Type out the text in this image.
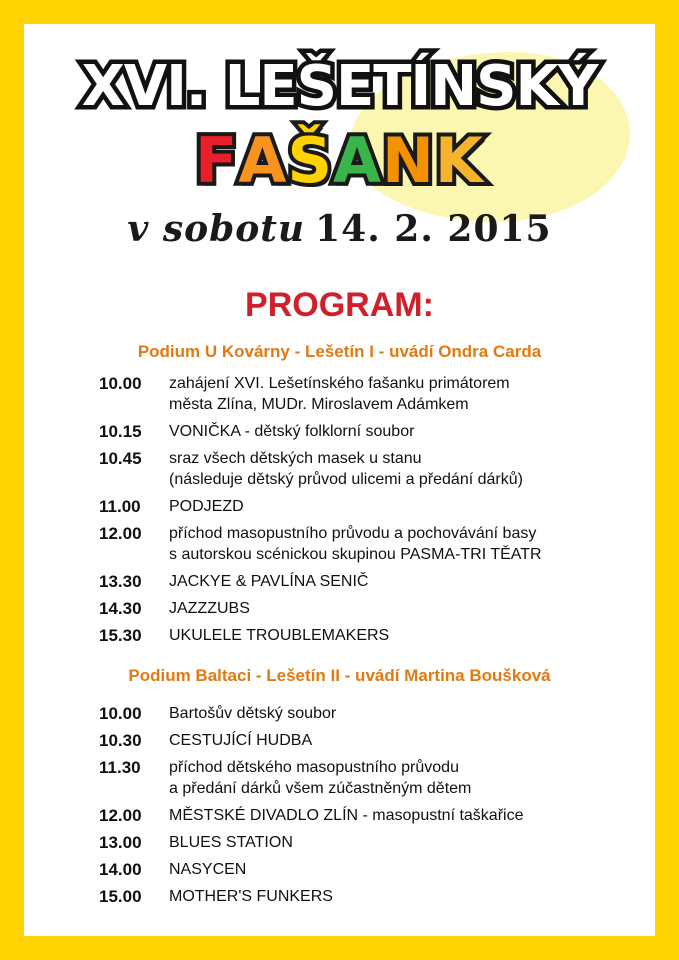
XVI. LEŠETÍNSKÝ
FAŠANK
v sobotu 14. 2. 2015
PROGRAM:
Podium U Kovárny - Lešetín I - uvádí Ondra Carda
10.00	zahájení XVI. Lešetínského fašanku primátorem
města Zlína, MUDr. Miroslavem Adámkem
10.15	VONIČKA - dětský folklorní soubor
10.45	sraz všech dětských masek u stanu
(následuje dětský průvod ulicemi a předání dárků)
11.00	PODJEZD
12.00	příchod masopustního průvodu a pochovávání basy
s autorskou scénickou skupinou PASMA-TRI TĚATR
13.30	JACKYE & PAVLÍNA SENIČ
14.30	JAZZZUBS
15.30	UKULELE TROUBLEMAKERS
Podium Baltaci - Lešetín II - uvádí Martina Boušková
10.00	Bartošův dětský soubor
10.30	CESTUJÍCÍ HUDBA
11.30	příchod dětského masopustního průvodu
a předání dárků všem zúčastněným dětem
12.00	MĚSTSKÉ DIVADLO ZLÍN - masopustní taškařice
13.00	BLUES STATION
14.00	NASYCEN
15.00	MOTHER'S FUNKERS
